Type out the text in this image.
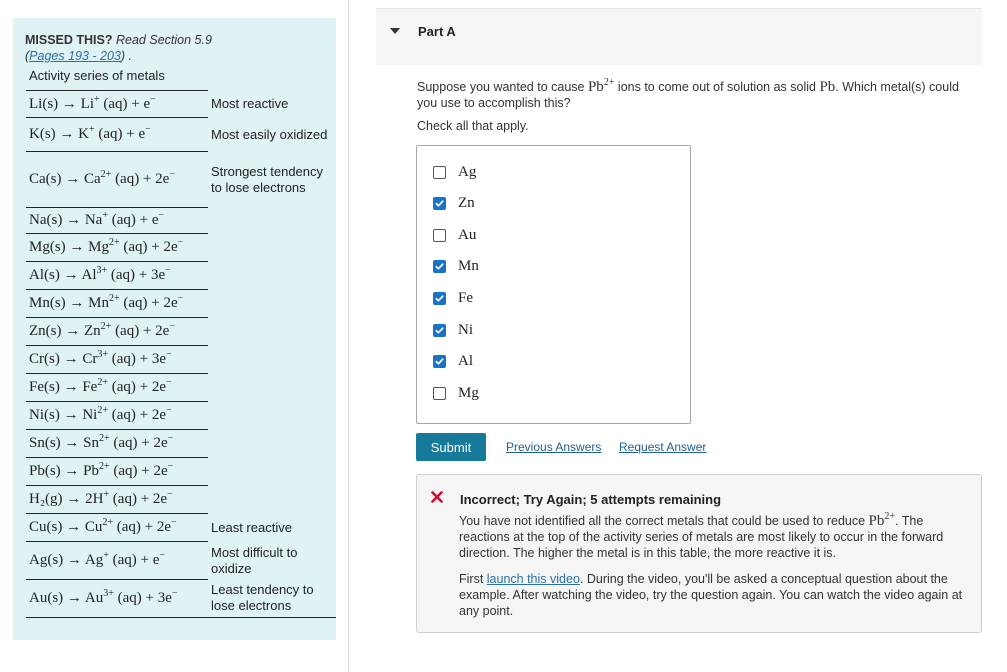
MISSED THIS? Read Section 5.9
(Pages 193 - 203) .
Activity series of metals
Li(s) → Li+ (aq) + e−	Most reactive
K(s) → K+ (aq) + e−	Most easily oxidized
$Ca(s) \to Ca^{2+}$ (aq) + 2e−	Strongest tendency to lose electrons
Na(s) → Na+ (aq) + e−	
$Mg(s) \to Mg^{2+}$ (aq) + 2e−
$Al(s) \to Al^{3+}$ (aq) + 3e−
$Mn(s) \to Mn^{2+}$ (aq) + 2e−
$Zn(s) \to Zn^{2+}$ (aq) + 2e−
$Cr(s) \to Cr^{3+}$ (aq) + 3e−
$Fe(s) \to Fe^{2+}$ (aq) + 2e−
$Ni(s) \to Ni^{2+}$ (aq) + 2e−
$Sn(s) \to Sn^{2+}$ (aq) + 2e−
$Pb(s) \to Pb^{2+}$ (aq) + 2e−
H₂(g) → 2H+ (aq) + 2e−
$Cu(s) \to Cu^{2+}$ (aq) + 2e−	Least reactive
Ag(s) → Ag+ (aq) + e−	Most difficult to oxidize
$Au(s) \to Au^{3+}$ (aq) + 3e−	Least tendency to lose electrons
Part A
Suppose you wanted to cause $Pb^{2+}$ ions to come out of solution as solid Pb. Which metal(s) could you use to accomplish this?
Check all that apply.
Ag
Zn
Au
Mn
Fe
Ni
Al
Mg
Submit	Previous Answers Request Answer
Incorrect; Try Again; 5 attempts remaining
You have not identified all the correct metals that could be used to reduce $Pb^{2+}$. The reactions at the top of the activity series of metals are most likely to occur in the forward direction. The higher the metal is in this table, the more reactive it is.
First launch this video. During the video, you'll be asked a conceptual question about the example. After watching the video, try the question again. You can watch the video again at any point.
